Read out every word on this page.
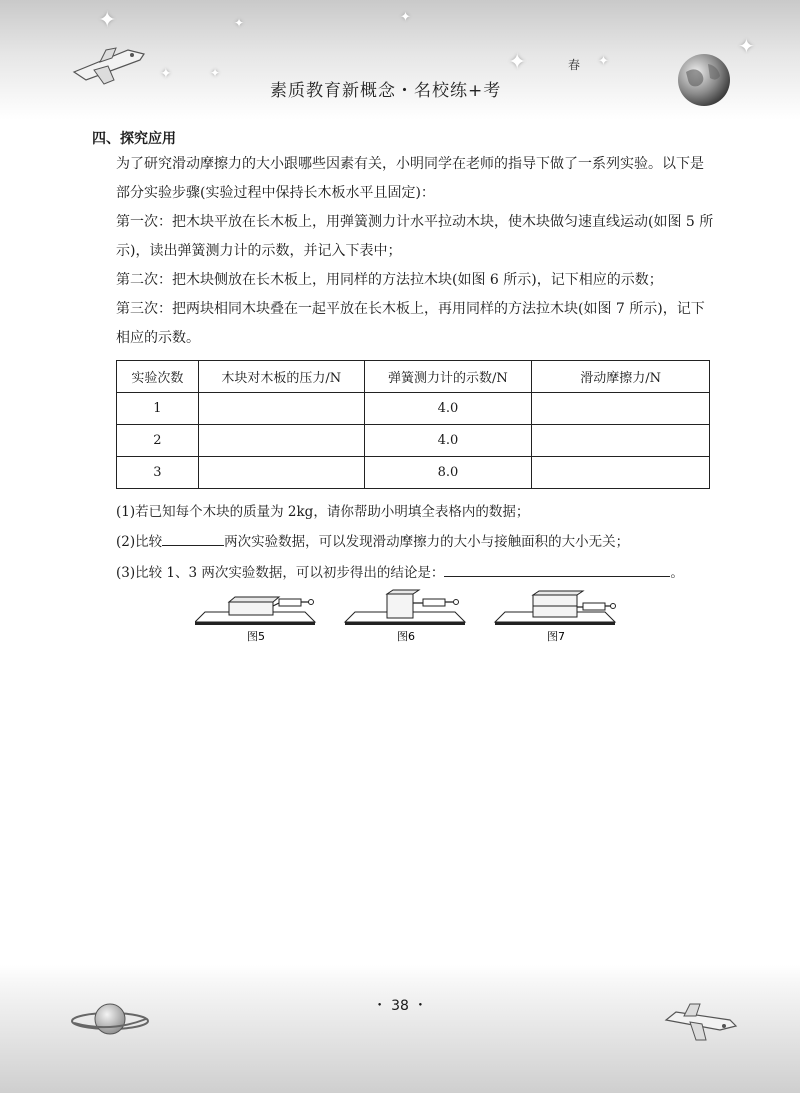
✦
✦	✦
✦	✦
✦	✦
✦
素质教育新概念・名校练+考
春
四、探究应用
为了研究滑动摩擦力的大小跟哪些因素有关，小明同学在老师的指导下做了一系列实验。以下是部分实验步骤(实验过程中保持长木板水平且固定)：
第一次：把木块平放在长木板上，用弹簧测力计水平拉动木块，使木块做匀速直线运动(如图 5 所示)，读出弹簧测力计的示数，并记入下表中；
第二次：把木块侧放在长木板上，用同样的方法拉木块(如图 6 所示)，记下相应的示数；
第三次：把两块相同木块叠在一起平放在长木板上，再用同样的方法拉木块(如图 7 所示)，记下相应的示数。
实验次数	木块对木板的压力/N	弹簧测力计的示数/N	滑动摩擦力/N
1		4.0	
2		4.0	
3		8.0	
(1)若已知每个木块的质量为 2kg，请你帮助小明填全表格内的数据；
(2)比较	两次实验数据，可以发现滑动摩擦力的大小与接触面积的大小无关；
(3)比较 1、3 两次实验数据，可以初步得出的结论是：	。
图5	图6	图7
・ 38 ・
